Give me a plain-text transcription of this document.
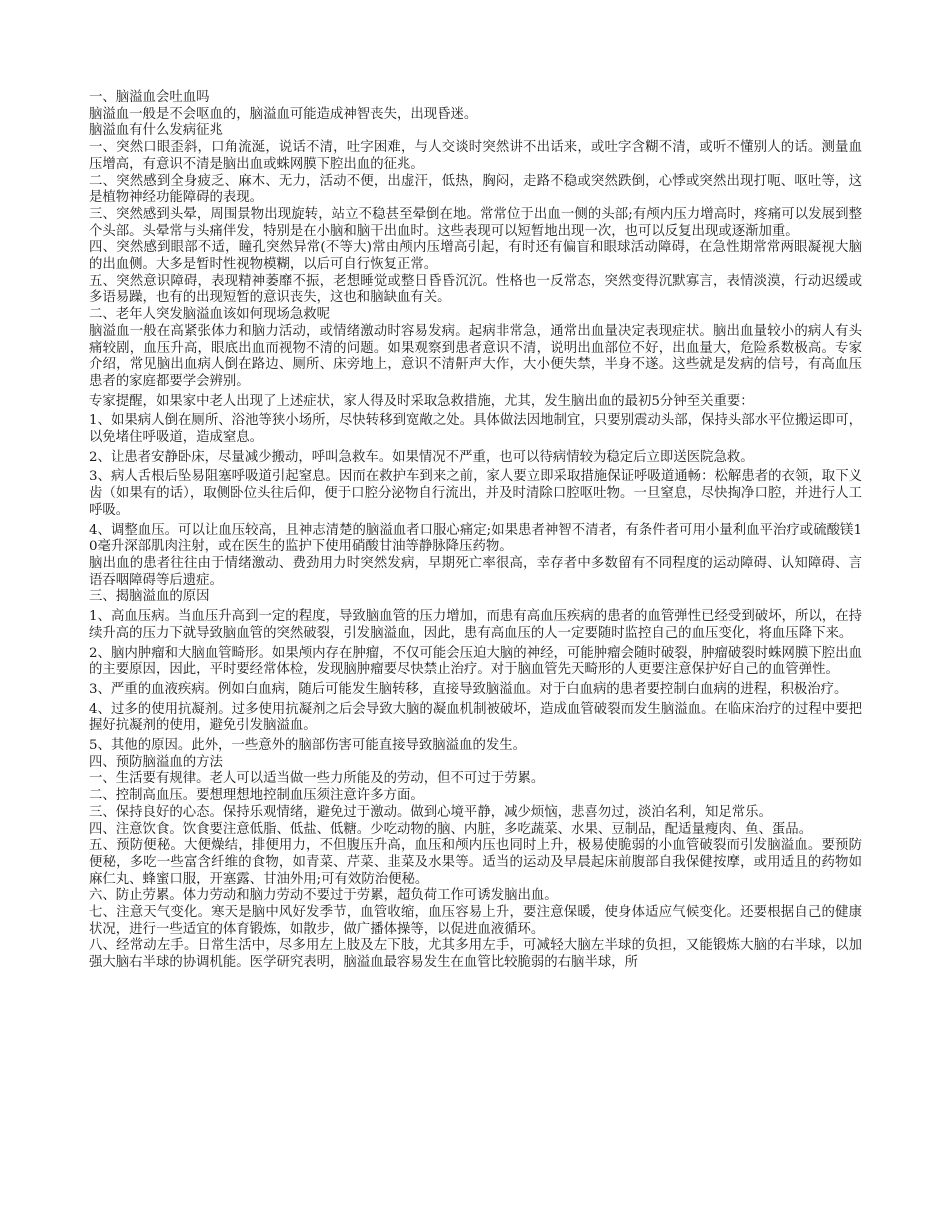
一、脑溢血会吐血吗

脑溢血一般是不会呕血的，脑溢血可能造成神智丧失，出现昏迷。

脑溢血有什么发病征兆

一、突然口眼歪斜，口角流涎，说话不清，吐字困难，与人交谈时突然讲不出话来，或吐字含糊不清，或听不懂别人的话。测量血压增高，有意识不清是脑出血或蛛网膜下腔出血的征兆。

二、突然感到全身疲乏、麻木、无力，活动不便，出虚汗，低热，胸闷，走路不稳或突然跌倒，心悸或突然出现打呃、呕吐等，这是植物神经功能障碍的表现。

三、突然感到头晕，周围景物出现旋转，站立不稳甚至晕倒在地。常常位于出血一侧的头部;有颅内压力增高时，疼痛可以发展到整个头部。头晕常与头痛伴发，特别是在小脑和脑干出血时。这些表现可以短暂地出现一次，也可以反复出现或逐渐加重。

四、突然感到眼部不适，瞳孔突然异常(不等大)常由颅内压增高引起，有时还有偏盲和眼球活动障碍，在急性期常常两眼凝视大脑的出血侧。大多是暂时性视物模糊，以后可自行恢复正常。

五、突然意识障碍，表现精神萎靡不振，老想睡觉或整日昏昏沉沉。性格也一反常态，突然变得沉默寡言，表情淡漠，行动迟缓或多语易躁，也有的出现短暂的意识丧失，这也和脑缺血有关。

二、老年人突发脑溢血该如何现场急救呢

脑溢血一般在高紧张体力和脑力活动，或情绪激动时容易发病。起病非常急，通常出血量决定表现症状。脑出血量较小的病人有头痛较剧，血压升高，眼底出血而视物不清的问题。如果观察到患者意识不清，说明出血部位不好，出血量大，危险系数极高。专家介绍，常见脑出血病人倒在路边、厕所、床旁地上，意识不清鼾声大作，大小便失禁，半身不遂。这些就是发病的信号，有高血压患者的家庭都要学会辨别。

专家提醒，如果家中老人出现了上述症状，家人得及时采取急救措施，尤其，发生脑出血的最初5分钟至关重要：

1、如果病人倒在厕所、浴池等狭小场所，尽快转移到宽敞之处。具体做法因地制宜，只要别震动头部，保持头部水平位搬运即可，以免堵住呼吸道，造成窒息。

2、让患者安静卧床，尽量减少搬动，呼叫急救车。如果情况不严重，也可以待病情较为稳定后立即送医院急救。

3、病人舌根后坠易阻塞呼吸道引起窒息。因而在救护车到来之前，家人要立即采取措施保证呼吸道通畅：松解患者的衣领，取下义齿（如果有的话），取侧卧位头往后仰，便于口腔分泌物自行流出，并及时清除口腔呕吐物。一旦窒息，尽快掏净口腔，并进行人工呼吸。

4、调整血压。可以让血压较高，且神志清楚的脑溢血者口服心痛定;如果患者神智不清者，有条件者可用小量利血平治疗或硫酸镁10毫升深部肌肉注射，或在医生的监护下使用硝酸甘油等静脉降压药物。

脑出血的患者往往由于情绪激动、费劲用力时突然发病，早期死亡率很高，幸存者中多数留有不同程度的运动障碍、认知障碍、言语吞咽障碍等后遗症。

三、揭脑溢血的原因

1、高血压病。当血压升高到一定的程度，导致脑血管的压力增加，而患有高血压疾病的患者的血管弹性已经受到破坏，所以，在持续升高的压力下就导致脑血管的突然破裂，引发脑溢血，因此，患有高血压的人一定要随时监控自己的血压变化，将血压降下来。

2、脑内肿瘤和大脑血管畸形。如果颅内存在肿瘤，不仅可能会压迫大脑的神经，可能肿瘤会随时破裂，肿瘤破裂时蛛网膜下腔出血的主要原因，因此，平时要经常体检，发现脑肿瘤要尽快禁止治疗。对于脑血管先天畸形的人更要注意保护好自己的血管弹性。

3、严重的血液疾病。例如白血病，随后可能发生脑转移，直接导致脑溢血。对于白血病的患者要控制白血病的进程，积极治疗。

4、过多的使用抗凝剂。过多使用抗凝剂之后会导致大脑的凝血机制被破坏，造成血管破裂而发生脑溢血。在临床治疗的过程中要把握好抗凝剂的使用，避免引发脑溢血。

5、其他的原因。此外，一些意外的脑部伤害可能直接导致脑溢血的发生。

四、预防脑溢血的方法

一、生活要有规律。老人可以适当做一些力所能及的劳动，但不可过于劳累。

二、控制高血压。要想理想地控制血压须注意许多方面。

三、保持良好的心态。保持乐观情绪，避免过于激动。做到心境平静，减少烦恼，悲喜勿过，淡泊名利，知足常乐。

四、注意饮食。饮食要注意低脂、低盐、低糖。少吃动物的脑、内脏，多吃蔬菜、水果、豆制品，配适量瘦肉、鱼、蛋品。

五、预防便秘。大便燥结，排便用力，不但腹压升高，血压和颅内压也同时上升，极易使脆弱的小血管破裂而引发脑溢血。要预防便秘，多吃一些富含纤维的食物，如青菜、芹菜、韭菜及水果等。适当的运动及早晨起床前腹部自我保健按摩，或用适且的药物如麻仁丸、蜂蜜口服，开塞露、甘油外用;可有效防治便秘。

六、防止劳累。体力劳动和脑力劳动不要过于劳累，超负荷工作可诱发脑出血。

七、注意天气变化。寒天是脑中风好发季节，血管收缩，血压容易上升，要注意保暖，使身体适应气候变化。还要根据自己的健康状况，进行一些适宜的体育锻炼，如散步，做广播体操等，以促进血液循环。

八、经常动左手。日常生活中，尽多用左上肢及左下肢，尤其多用左手，可减轻大脑左半球的负担，又能锻炼大脑的右半球，以加强大脑右半球的协调机能。医学研究表明，脑溢血最容易发生在血管比较脆弱的右脑半球，所
